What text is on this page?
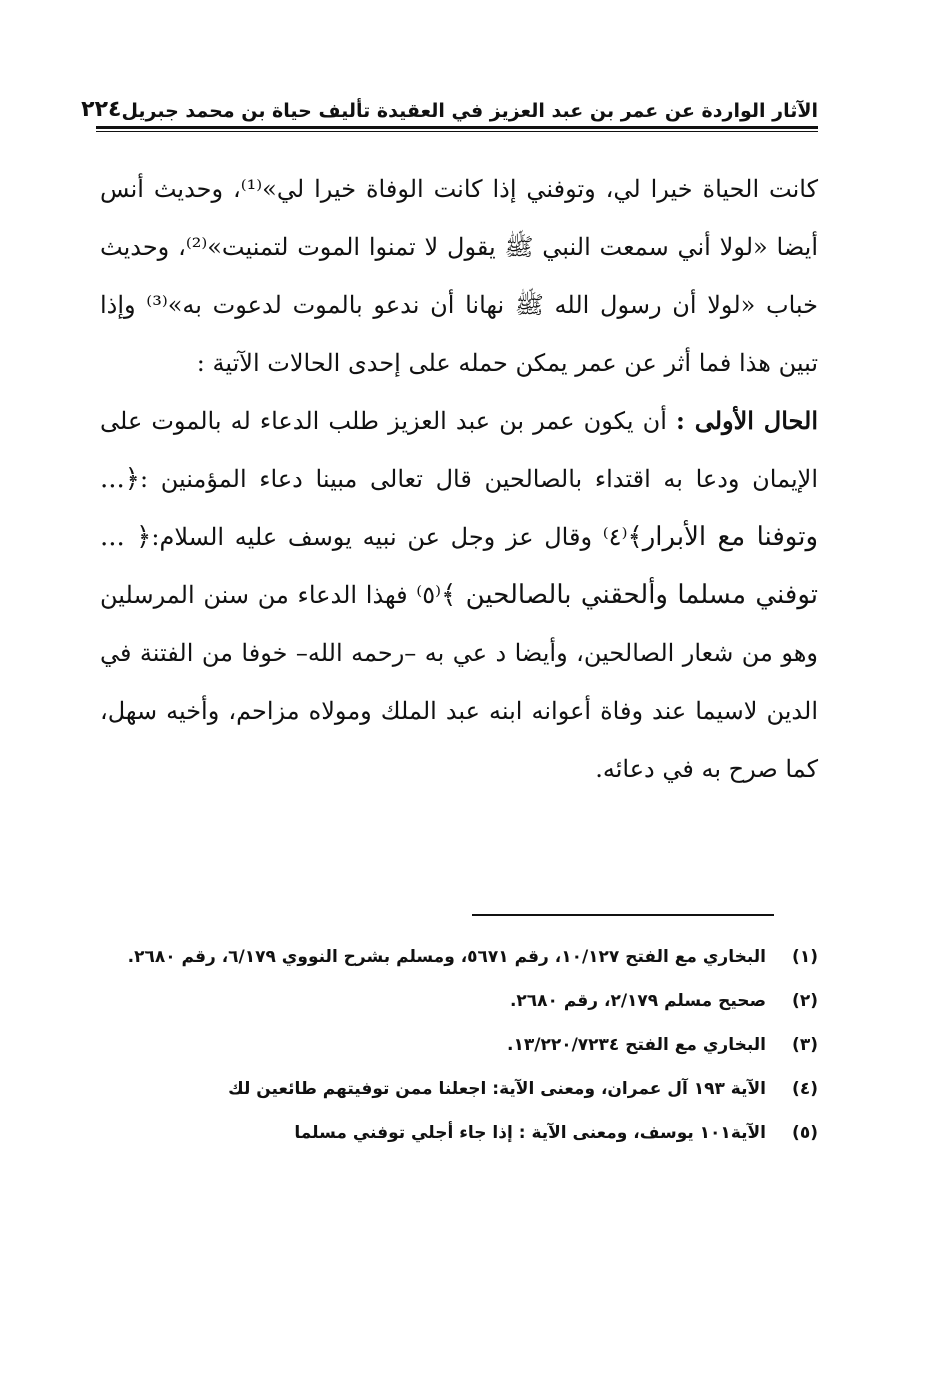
الآثار الواردة عن عمر بن عبد العزيز في العقيدة تأليف حياة بن محمد جبريل
٢٢٤

كانت الحياة خيرا لي، وتوفني إذا كانت الوفاة خيرا لي»⁽¹⁾، وحديث أنس أيضا «لولا أني سمعت النبي ﷺ يقول لا تمنوا الموت لتمنيت»⁽²⁾، وحديث خباب «لولا أن رسول الله ﷺ نهانا أن ندعو بالموت لدعوت به»⁽³⁾ وإذا تبين هذا فما أثر عن عمر يمكن حمله على إحدى الحالات الآتية :

الحال الأولى : أن يكون عمر بن عبد العزيز طلب الدعاء له بالموت على الإيمان ودعا به اقتداء بالصالحين قال تعالى مبينا دعاء المؤمنين :﴿... وتوفنا مع الأبرار﴾⁽٤⁾ وقال عز وجل عن نبيه يوسف عليه السلام:﴿ ... توفني مسلما وألحقني بالصالحين ﴾⁽٥⁾ فهذا الدعاء من سنن المرسلين وهو من شعار الصالحين، وأيضا د عي به –رحمه الله– خوفا من الفتنة في الدين لاسيما عند وفاة أعوانه ابنه عبد الملك ومولاه مزاحم، وأخيه سهل، كما صرح به في دعائه.

(١)
البخاري مع الفتح ١٠/١٢٧، رقم ٥٦٧١، ومسلم بشرح النووي ٦/١٧٩، رقم ٢٦٨٠.
(٢)
صحيح مسلم ٢/١٧٩، رقم ٢٦٨٠.
(٣)
البخاري مع الفتح ١٣/٢٢٠/٧٢٣٤.
(٤)
الآية ١٩٣ آل عمران، ومعنى الآية: اجعلنا ممن توفيتهم طائعين لك
(٥)
الآية١٠١ يوسف، ومعنى الآية : إذا جاء أجلي توفني مسلما
